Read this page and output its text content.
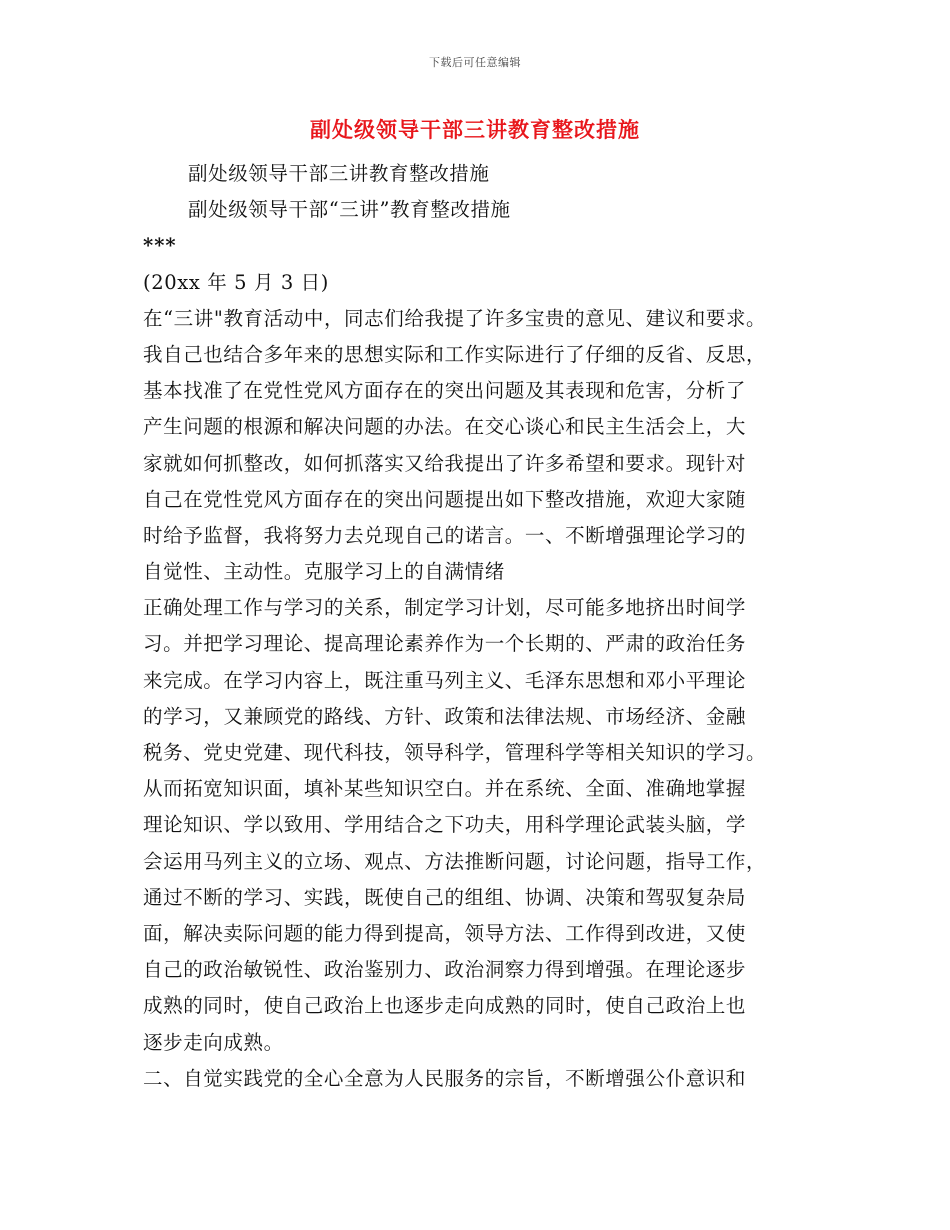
下载后可任意编辑
副处级领导干部三讲教育整改措施
副处级领导干部三讲教育整改措施
副处级领导干部“三讲”教育整改措施
***
(20xx 年 5 月 3 日)
在“三讲"教育活动中，同志们给我提了许多宝贵的意见、建议和要求。
我自己也结合多年来的思想实际和工作实际进行了仔细的反省、反思，
基本找准了在党性党风方面存在的突出问题及其表现和危害，分析了
产生问题的根源和解决问题的办法。在交心谈心和民主生活会上，大
家就如何抓整改，如何抓落实又给我提出了许多希望和要求。现针对
自己在党性党风方面存在的突出问题提出如下整改措施，欢迎大家随
时给予监督，我将努力去兑现自己的诺言。一、不断增强理论学习的
自觉性、主动性。克服学习上的自满情绪
正确处理工作与学习的关系，制定学习计划，尽可能多地挤出时间学
习。并把学习理论、提高理论素养作为一个长期的、严肃的政治任务
来完成。在学习内容上，既注重马列主义、毛泽东思想和邓小平理论
的学习，又兼顾党的路线、方针、政策和法律法规、市场经济、金融
税务、党史党建、现代科技，领导科学，管理科学等相关知识的学习。
从而拓宽知识面，填补某些知识空白。并在系统、全面、准确地掌握
理论知识、学以致用、学用结合之下功夫，用科学理论武装头脑，学
会运用马列主义的立场、观点、方法推断问题，讨论问题，指导工作，
通过不断的学习、实践，既使自己的组组、协调、决策和驾驭复杂局
面，解决卖际问题的能力得到提高，领导方法、工作得到改进，又使
自己的政治敏锐性、政治鉴别力、政治洞察力得到增强。在理论逐步
成熟的同时，使自己政治上也逐步走向成熟的同时，使自己政治上也
逐步走向成熟。
二、自觉实践党的全心全意为人民服务的宗旨，不断增强公仆意识和
